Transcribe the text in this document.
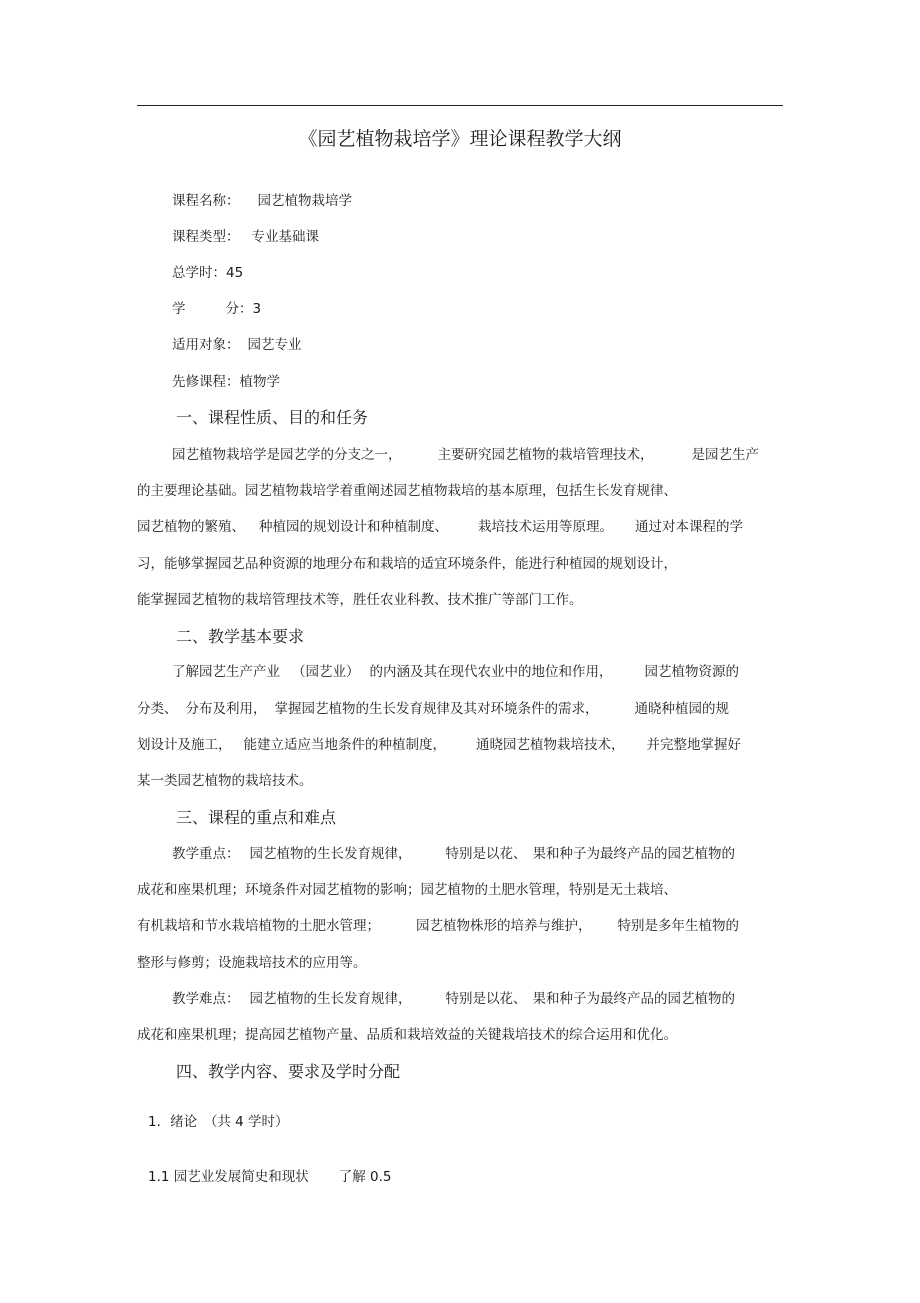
《园艺植物栽培学》理论课程教学大纲
课程名称： 园艺植物栽培学
课程类型： 专业基础课
总学时：45
学	分：3
适用对象： 园艺专业
先修课程：植物学
一、课程性质、目的和任务
园艺植物栽培学是园艺学的分支之一，	主要研究园艺植物的栽培管理技术，	是园艺生产
的主要理论基础。园艺植物栽培学着重阐述园艺植物栽培的基本原理，包括生长发育规律、
园艺植物的繁殖、 种植园的规划设计和种植制度、 栽培技术运用等原理。 通过对本课程的学
习，能够掌握园艺品种资源的地理分布和栽培的适宜环境条件，能进行种植园的规划设计，
能掌握园艺植物的栽培管理技术等，胜任农业科教、技术推广等部门工作。
二、教学基本要求
了解园艺生产产业 （园艺业） 的内涵及其在现代农业中的地位和作用， 园艺植物资源的
分类、 分布及利用， 掌握园艺植物的生长发育规律及其对环境条件的需求，	通晓种植园的规
划设计及施工， 能建立适应当地条件的种植制度， 通晓园艺植物栽培技术， 并完整地掌握好
某一类园艺植物的栽培技术。
三、课程的重点和难点
教学重点： 园艺植物的生长发育规律，	特别是以花、 果和种子为最终产品的园艺植物的
成花和座果机理；环境条件对园艺植物的影响；园艺植物的土肥水管理，特别是无土栽培、
有机栽培和节水栽培植物的土肥水管理；	园艺植物株形的培养与维护， 特别是多年生植物的
整形与修剪；设施栽培技术的应用等。
教学难点： 园艺植物的生长发育规律，	特别是以花、 果和种子为最终产品的园艺植物的
成花和座果机理；提高园艺植物产量、品质和栽培效益的关键栽培技术的综合运用和优化。
四、教学内容、要求及学时分配
1．绪论　（共 4 学时）
1.1 园艺业发展简史和现状 了解 0.5
